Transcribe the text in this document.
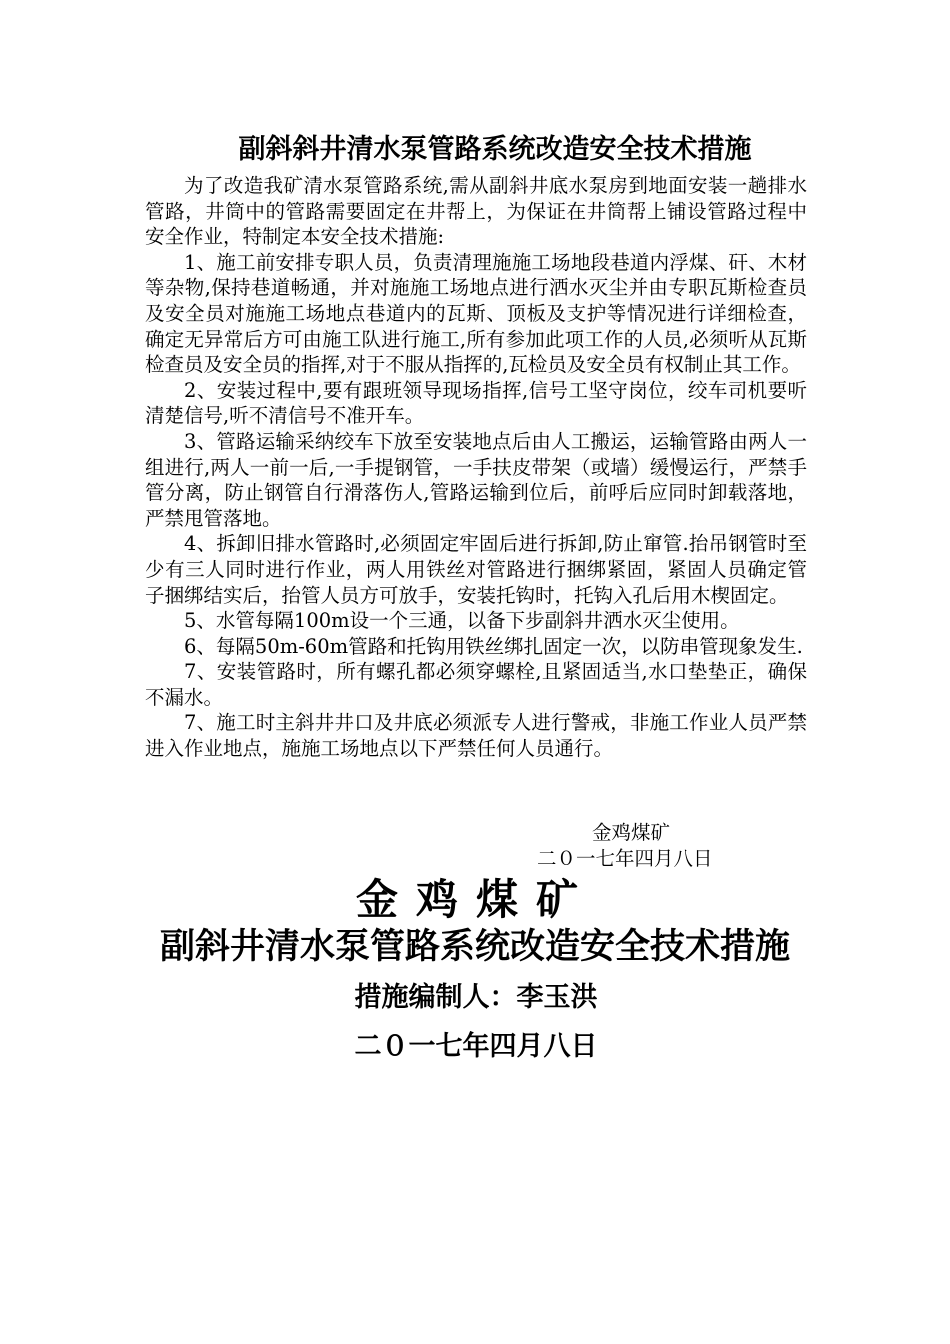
副斜斜井清水泵管路系统改造安全技术措施

为了改造我矿清水泵管路系统,需从副斜井底水泵房到地面安装一趟排水管路，井筒中的管路需要固定在井帮上，为保证在井筒帮上铺设管路过程中安全作业，特制定本安全技术措施:

1、施工前安排专职人员，负责清理施施工场地段巷道内浮煤、矸、木材等杂物,保持巷道畅通，并对施施工场地点进行洒水灭尘并由专职瓦斯检查员及安全员对施施工场地点巷道内的瓦斯、顶板及支护等情况进行详细检查，确定无异常后方可由施工队进行施工,所有参加此项工作的人员,必须听从瓦斯检查员及安全员的指挥,对于不服从指挥的,瓦检员及安全员有权制止其工作。

2、安装过程中,要有跟班领导现场指挥,信号工坚守岗位，绞车司机要听清楚信号,听不清信号不准开车。

3、管路运输采纳绞车下放至安装地点后由人工搬运，运输管路由两人一组进行,两人一前一后,一手提钢管，一手扶皮带架（或墙）缓慢运行，严禁手管分离，防止钢管自行滑落伤人,管路运输到位后，前呼后应同时卸载落地，严禁甩管落地。

4、拆卸旧排水管路时,必须固定牢固后进行拆卸,防止窜管.抬吊钢管时至少有三人同时进行作业，两人用铁丝对管路进行捆绑紧固，紧固人员确定管子捆绑结实后，抬管人员方可放手，安装托钩时，托钩入孔后用木楔固定。

5、水管每隔100m设一个三通，以备下步副斜井洒水灭尘使用。

6、每隔50m-60m管路和托钩用铁丝绑扎固定一次，以防串管现象发生.

7、安装管路时，所有螺孔都必须穿螺栓,且紧固适当,水口垫垫正，确保不漏水。

7、施工时主斜井井口及井底必须派专人进行警戒，非施工作业人员严禁进入作业地点，施施工场地点以下严禁任何人员通行。

金鸡煤矿
二０一七年四月八日
金鸡煤矿
副斜井清水泵管路系统改造安全技术措施
措施编制人：李玉洪
二０一七年四月八日
